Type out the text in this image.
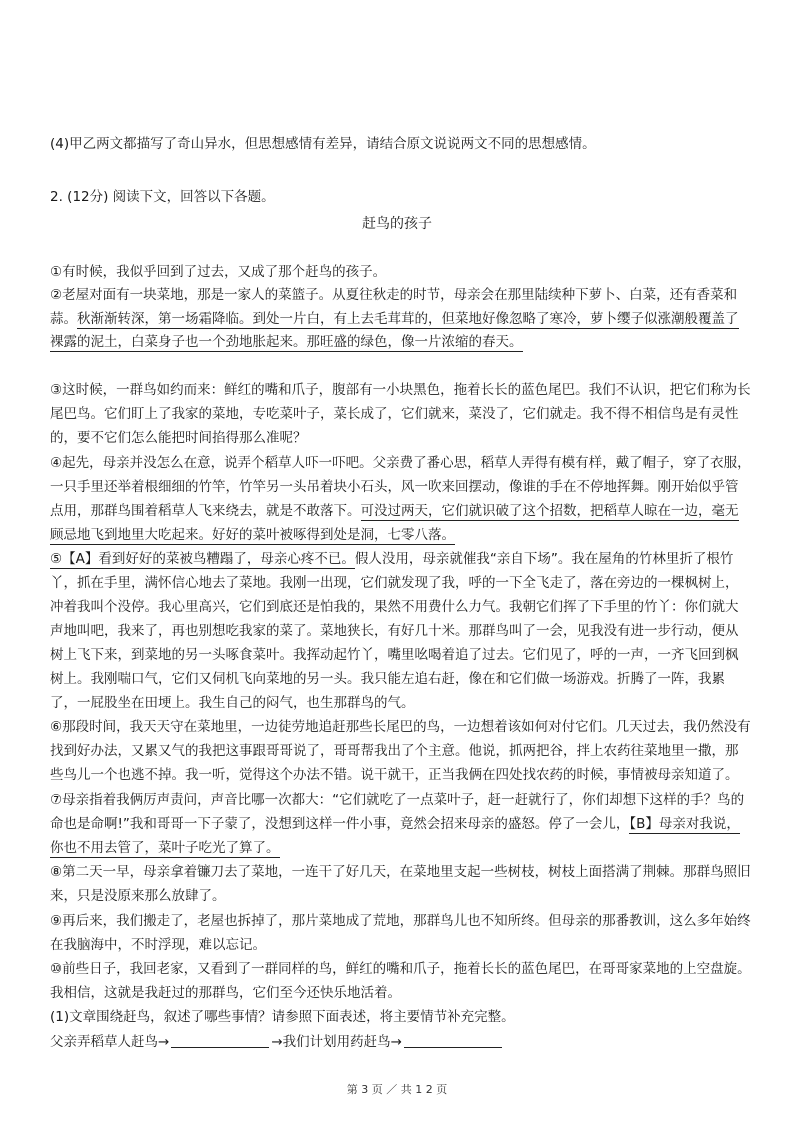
(4)甲乙两文都描写了奇山异水，但思想感情有差异，请结合原文说说两文不同的思想感情。
2. (12分) 阅读下文，回答以下各题。
赶鸟的孩子
①有时候，我似乎回到了过去，又成了那个赶鸟的孩子。
②老屋对面有一块菜地，那是一家人的菜篮子。从夏往秋走的时节，母亲会在那里陆续种下萝卜、白菜，还有香菜和
蒜。秋渐渐转深，第一场霜降临。到处一片白，有上去毛茸茸的，但菜地好像忽略了寒冷，萝卜缨子似涨潮般覆盖了
裸露的泥土，白菜身子也一个劲地胀起来。那旺盛的绿色，像一片浓缩的春天。
③这时候，一群鸟如约而来：鲜红的嘴和爪子，腹部有一小块黑色，拖着长长的蓝色尾巴。我们不认识，把它们称为长
尾巴鸟。它们盯上了我家的菜地，专吃菜叶子，菜长成了，它们就来，菜没了，它们就走。我不得不相信鸟是有灵性
的，要不它们怎么能把时间掐得那么准呢？
④起先，母亲并没怎么在意，说弄个稻草人吓一吓吧。父亲费了番心思，稻草人弄得有模有样，戴了帽子，穿了衣服，
一只手里还举着根细细的竹竿，竹竿另一头吊着块小石头，风一吹来回摆动，像谁的手在不停地挥舞。刚开始似乎管
点用，那群鸟围着稻草人飞来绕去，就是不敢落下。可没过两天，它们就识破了这个招数，把稻草人晾在一边，毫无
顾忌地飞到地里大吃起来。好好的菜叶被啄得到处是洞，七零八落。
⑤【A】看到好好的菜被鸟糟蹋了，母亲心疼不已。假人没用，母亲就催我“亲自下场”。我在屋角的竹林里折了根竹
丫，抓在手里，满怀信心地去了菜地。我刚一出现，它们就发现了我，呼的一下全飞走了，落在旁边的一棵枫树上，
冲着我叫个没停。我心里高兴，它们到底还是怕我的，果然不用费什么力气。我朝它们挥了下手里的竹丫：你们就大
声地叫吧，我来了，再也别想吃我家的菜了。菜地狭长，有好几十米。那群鸟叫了一会，见我没有进一步行动，便从
树上飞下来，到菜地的另一头啄食菜叶。我挥动起竹丫，嘴里吆喝着追了过去。它们见了，呼的一声，一齐飞回到枫
树上。我刚喘口气，它们又伺机飞向菜地的另一头。我只能左追右赶，像在和它们做一场游戏。折腾了一阵，我累
了，一屁股坐在田埂上。我生自己的闷气，也生那群鸟的气。
⑥那段时间，我天天守在菜地里，一边徒劳地追赶那些长尾巴的鸟，一边想着该如何对付它们。几天过去，我仍然没有
找到好办法，又累又气的我把这事跟哥哥说了，哥哥帮我出了个主意。他说，抓两把谷，拌上农药往菜地里一撒，那
些鸟儿一个也逃不掉。我一听，觉得这个办法不错。说干就干，正当我俩在四处找农药的时候，事情被母亲知道了。
⑦母亲指着我俩厉声责问，声音比哪一次都大：“它们就吃了一点菜叶子，赶一赶就行了，你们却想下这样的手？鸟的
命也是命啊!”我和哥哥一下子蒙了，没想到这样一件小事，竟然会招来母亲的盛怒。停了一会儿，【B】母亲对我说，
你也不用去管了，菜叶子吃光了算了。
⑧第二天一早，母亲拿着镰刀去了菜地，一连干了好几天，在菜地里支起一些树枝，树枝上面搭满了荆棘。那群鸟照旧
来，只是没原来那么放肆了。
⑨再后来，我们搬走了，老屋也拆掉了，那片菜地成了荒地，那群鸟儿也不知所终。但母亲的那番教训，这么多年始终
在我脑海中，不时浮现，难以忘记。
⑩前些日子，我回老家，又看到了一群同样的鸟，鲜红的嘴和爪子，拖着长长的蓝色尾巴，在哥哥家菜地的上空盘旋。
我相信，这就是我赶过的那群鸟，它们至今还快乐地活着。
(1)文章围绕赶鸟，叙述了哪些事情？请参照下面表述，将主要情节补充完整。
父亲弄稻草人赶鸟→	→我们计划用药赶鸟→
第 3 页 ／ 共 1 2 页
